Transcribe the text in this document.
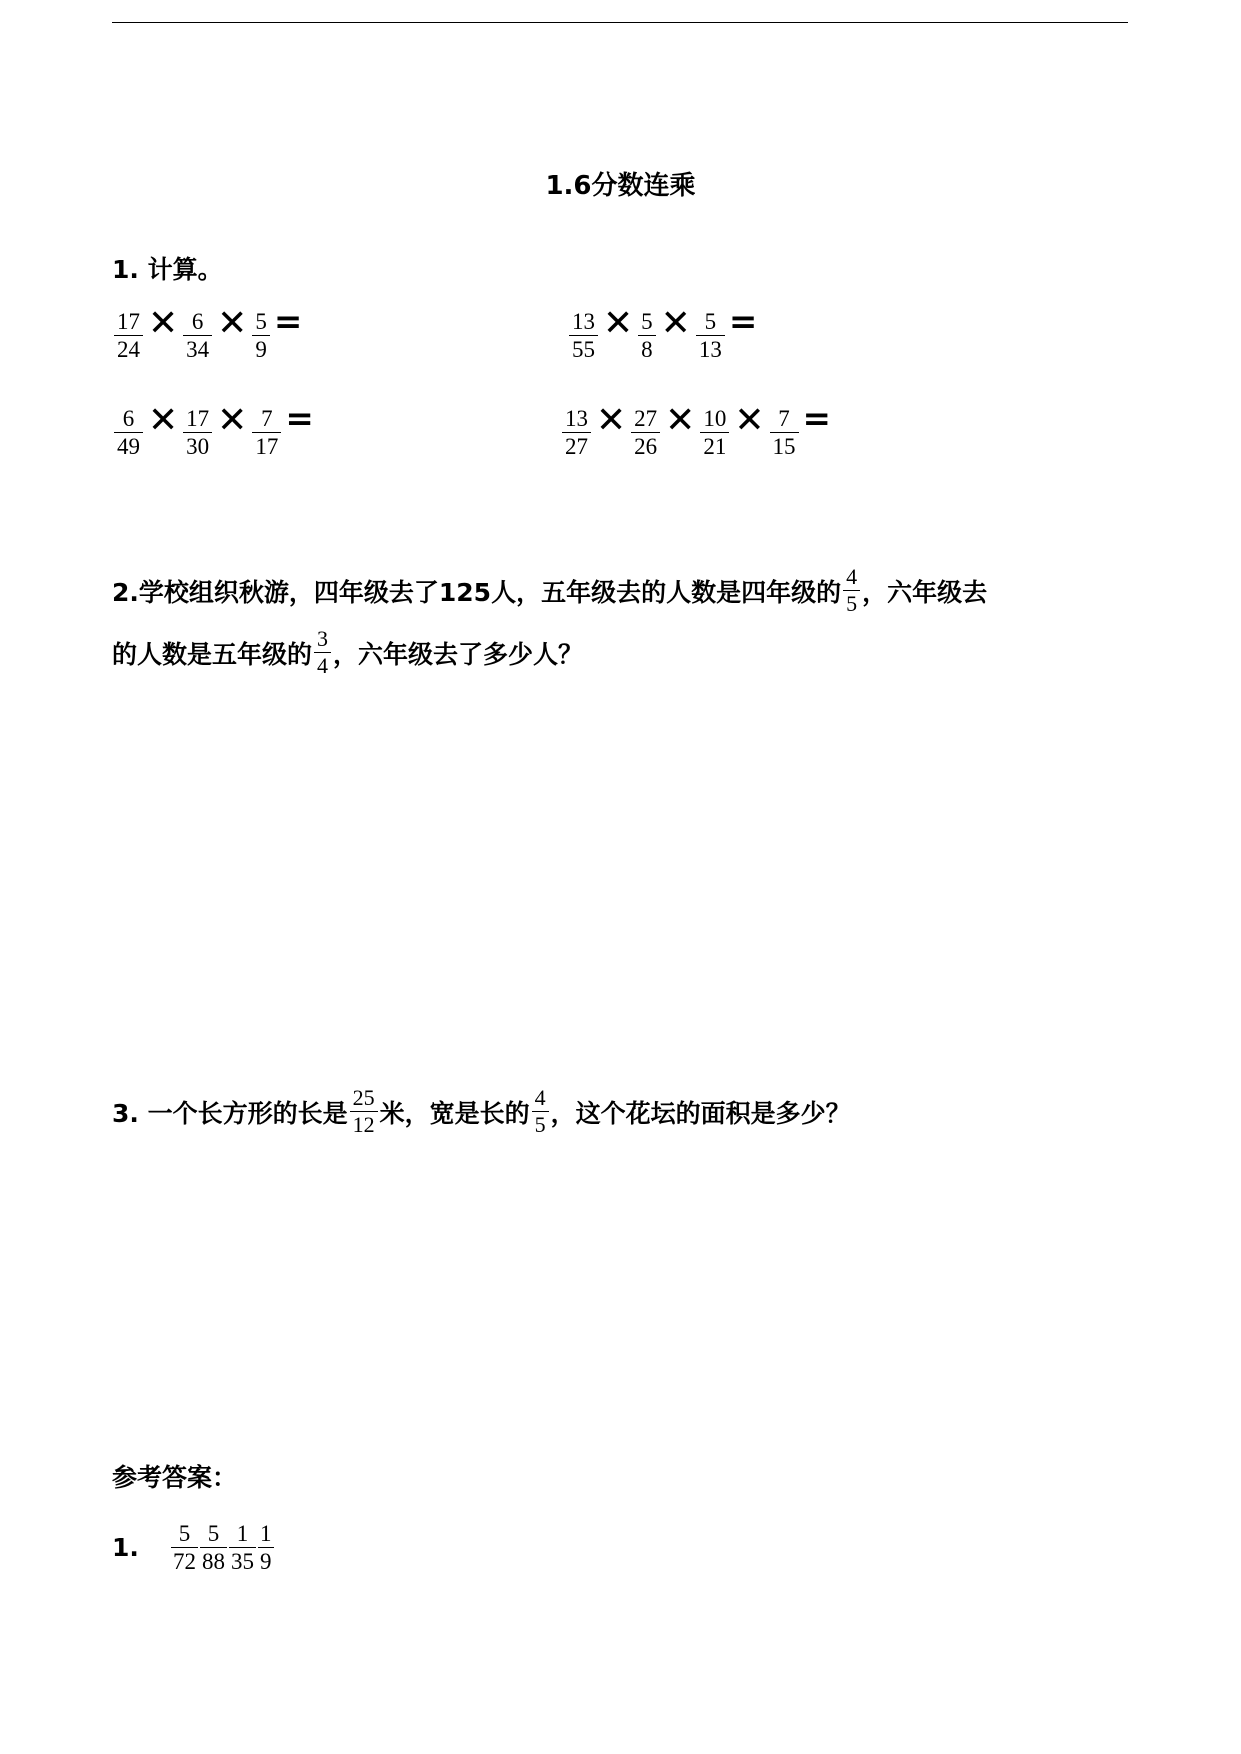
1.6分数连乘
1. 计算。
$\frac{17}{24}$ ✕ $\frac{6}{34}$ ✕ $\frac{5}{9}$ =	$\frac{13}{55}$ ✕ $\frac{5}{8}$ ✕ $\frac{5}{13}$ =
$\frac{6}{49}$ ✕ $\frac{17}{30}$ ✕ $\frac{7}{17}$ =	$\frac{13}{27}$ ✕ $\frac{27}{26}$ ✕ $\frac{10}{21}$ ✕ $\frac{7}{15}$ =
2.学校组织秋游，四年级去了125人，五年级去的人数是四年级的 $\frac{4}{5}$ ，六年级去
的人数是五年级的 $\frac{3}{4}$ ，六年级去了多少人？
3. 一个长方形的长是 $\frac{25}{12}$ 米，宽是长的 $\frac{4}{5}$ ，这个花坛的面积是多少？
参考答案：
1.	$\frac{5}{72} \frac{5}{88} \frac{1}{35} \frac{1}{9}$
